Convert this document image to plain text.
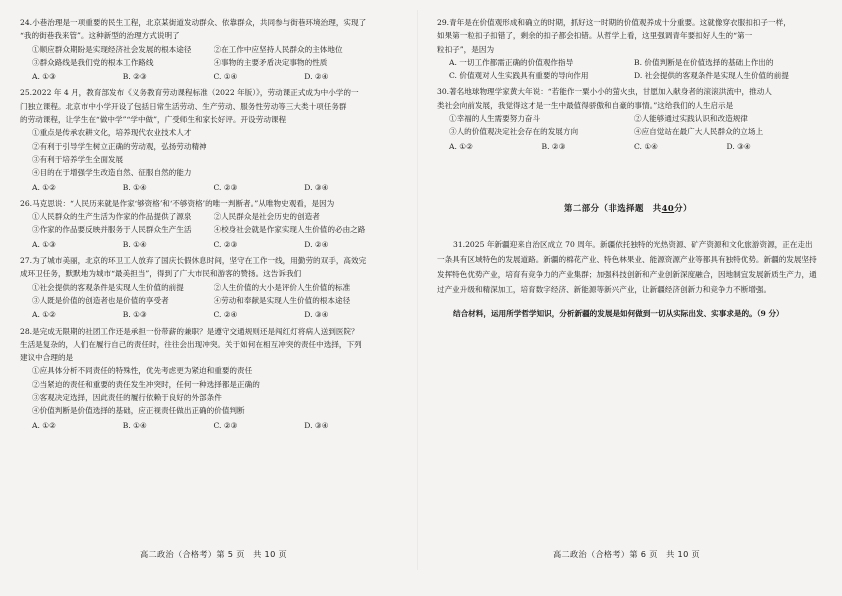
24.小巷治理是一项重要的民生工程，北京某街道发动群众、依靠群众，共同参与街巷环境治理，实现了
“我的街巷我来管”。这种新型的治理方式说明了
①顺应群众期盼是实现经济社会发展的根本途径	②在工作中应坚持人民群众的主体地位
③群众路线是我们党的根本工作路线	④事物的主要矛盾决定事物的性质
A. ①③	B. ②③	C. ①④	D. ②④
25.2022 年 4 月，教育部发布《义务教育劳动课程标准（2022 年版）》，劳动课正式成为中小学的一
门独立课程。北京市中小学开设了包括日常生活劳动、生产劳动、服务性劳动等三大类十项任务群
的劳动课程，让学生在“做中学”“学中做”，广受师生和家长好评。开设劳动课程
①重点是传承农耕文化，培养现代农业技术人才
②有利于引导学生树立正确的劳动观，弘扬劳动精神
③有利于培养学生全面发展
④目的在于增强学生改造自然、征服自然的能力
A. ①②	B. ①④	C. ②③	D. ③④
26.马克思说：“人民历来就是作家‘够资格’和‘不够资格’的唯一判断者。”从唯物史观看，是因为
①人民群众的生产生活为作家的作品提供了源泉	②人民群众是社会历史的创造者
③作家的作品要反映并服务于人民群众生产生活	④校身社会就是作家实现人生价值的必由之路
A. ①③	B. ①④	C. ②③	D. ②④
27.为了城市美丽，北京的环卫工人放弃了国庆长假休息时间，坚守在工作一线，用勤劳的双手，高效完
成环卫任务，默默地为城市“最美担当”，得到了广大市民和游客的赞扬。这告诉我们
①社会提供的客观条件是实现人生价值的前提	②人生价值的大小是评价人生价值的标准
③人既是价值的创造者也是价值的享受者	④劳动和奉献是实现人生价值的根本途径
A. ①②	B. ①③	C. ②④	D. ③④
28.是完成无限期的社团工作还是承担一份带薪的兼职？是遵守交通规则还是闯红灯将病人送到医院？
生活是复杂的，人们在履行自己的责任时，往往会出现冲突。关于如何在相互冲突的责任中选择，下列
建议中合理的是
①应具体分析不同责任的特殊性，优先考虑更为紧迫和重要的责任
②当紧迫的责任和重要的责任发生冲突时，任何一种选择都是正确的
③客观决定选择，因此责任的履行依赖于良好的外部条件
④价值判断是价值选择的基础，应正视责任做出正确的价值判断
A. ①②	B. ①④	C. ②③	D. ③④
高二政治（合格考）第 5 页　共 10 页
29.青年是在价值观形成和确立的时期，抓好这一时期的价值观养成十分重要。这就像穿衣服扣扣子一样，
如果第一粒扣子扣错了，剩余的扣子都会扣错。从哲学上看，这里强调青年要扣好人生的“第一
粒扣子”，是因为
A. 一切工作都需正确的价值观作指导	B. 价值判断是在价值选择的基础上作出的
C. 价值观对人生实践具有重要的导向作用	D. 社会提供的客观条件是实现人生价值的前提
30.著名地球物理学家黄大年说：“若能作一粟小小的萤火虫，甘愿加入献身者的滚滚洪流中，推动人
类社会向前发展，我觉得这才是一生中最值得骄傲和自豪的事情。”这给我们的人生启示是
①幸福的人生需要努力奋斗	②人能够通过实践认识和改造规律
③人的价值观决定社会存在的发展方向	④应自觉站在最广大人民群众的立场上
A. ①②	B. ②③	C. ①④	D. ③④
第二部分（非选择题　共40分）
31.2025 年新疆迎来自治区成立 70 周年。新疆依托独特的光热资源、矿产资源和文化旅游资源，正在走出一条具有区域特色的发展道路。新疆的棉花产业、特色林果业、能源资源产业等都具有独特优势。新疆的发展坚持发挥特色优势产业，培育有竞争力的产业集群；加强科技创新和产业创新深度融合，因地制宜发展新质生产力，通过产业升级和精深加工，培育数字经济、新能源等新兴产业，让新疆经济创新力和竞争力不断增强。
结合材料，运用所学哲学知识，分析新疆的发展是如何做到一切从实际出发、实事求是的。（9 分）
高二政治（合格考）第 6 页　共 10 页
